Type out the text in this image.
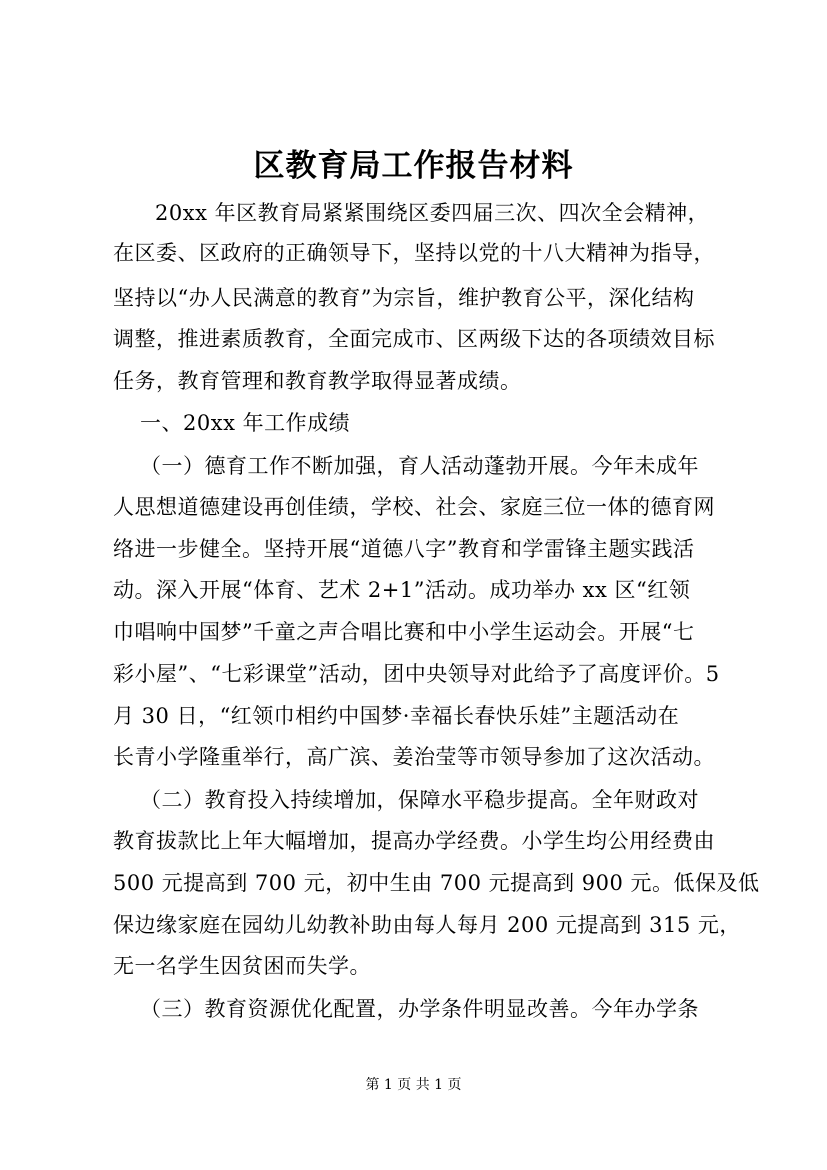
区教育局工作报告材料
20xx 年区教育局紧紧围绕区委四届三次、四次全会精神，
在区委、区政府的正确领导下，坚持以党的十八大精神为指导，
坚持以“办人民满意的教育”为宗旨，维护教育公平，深化结构
调整，推进素质教育，全面完成市、区两级下达的各项绩效目标
任务，教育管理和教育教学取得显著成绩。
一、20xx 年工作成绩
（一）德育工作不断加强，育人活动蓬勃开展。今年未成年
人思想道德建设再创佳绩，学校、社会、家庭三位一体的德育网
络进一步健全。坚持开展“道德八字”教育和学雷锋主题实践活
动。深入开展“体育、艺术 2+1”活动。成功举办 xx 区“红领
巾唱响中国梦”千童之声合唱比赛和中小学生运动会。开展“七
彩小屋”、“七彩课堂”活动，团中央领导对此给予了高度评价。5
月 30 日，“红领巾相约中国梦·幸福长春快乐娃”主题活动在
长青小学隆重举行，高广滨、姜治莹等市领导参加了这次活动。
（二）教育投入持续增加，保障水平稳步提高。全年财政对
教育拔款比上年大幅增加，提高办学经费。小学生均公用经费由
500 元提高到 700 元，初中生由 700 元提高到 900 元。低保及低
保边缘家庭在园幼儿幼教补助由每人每月 200 元提高到 315 元，
无一名学生因贫困而失学。
（三）教育资源优化配置，办学条件明显改善。今年办学条
第 1 页 共 1 页
